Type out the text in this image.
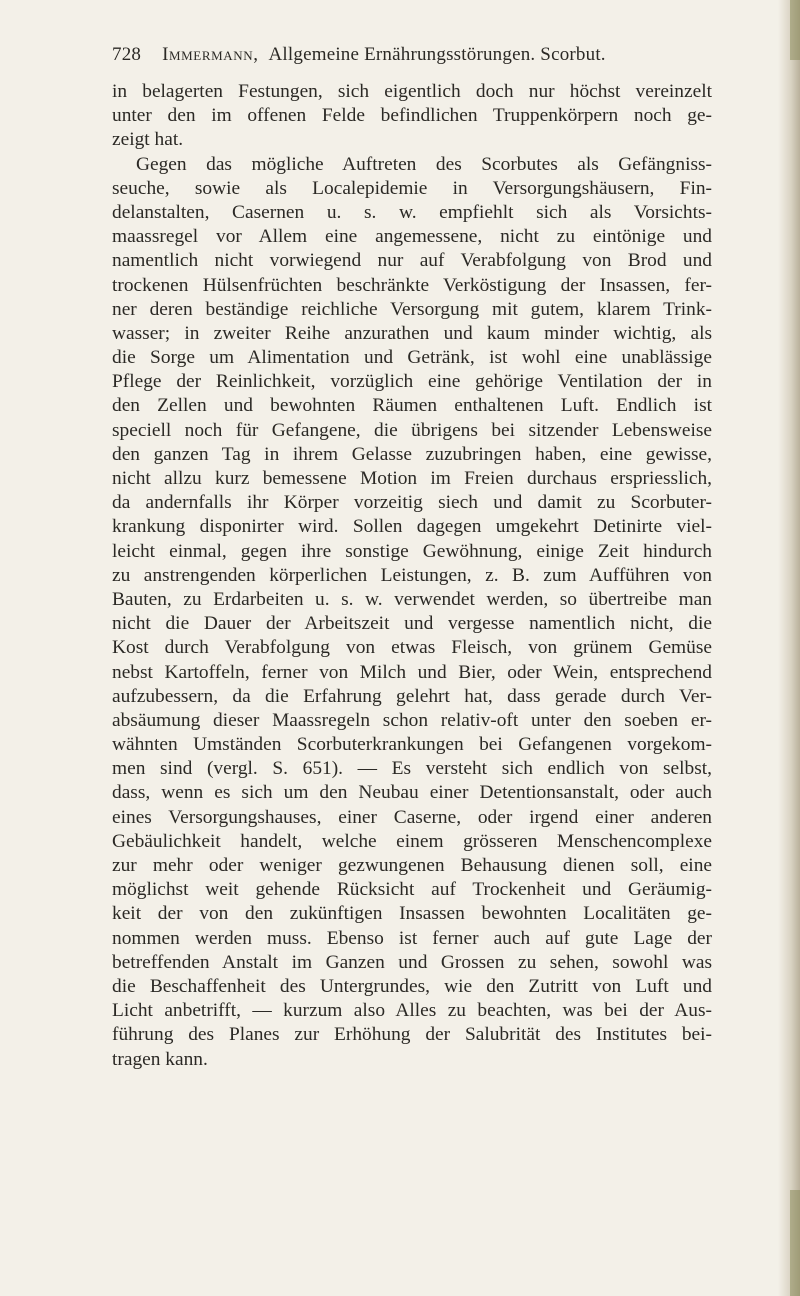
728 Immermann, Allgemeine Ernährungsstörungen. Scorbut.
in belagerten Festungen, sich eigentlich doch nur höchst vereinzelt
unter den im offenen Felde befindlichen Truppenkörpern noch ge-
zeigt hat.
Gegen das mögliche Auftreten des Scorbutes als Gefängniss-
seuche, sowie als Localepidemie in Versorgungshäusern, Fin-
delanstalten, Casernen u. s. w. empfiehlt sich als Vorsichts-
maassregel vor Allem eine angemessene, nicht zu eintönige und
namentlich nicht vorwiegend nur auf Verabfolgung von Brod und
trockenen Hülsenfrüchten beschränkte Verköstigung der Insassen, fer-
ner deren beständige reichliche Versorgung mit gutem, klarem Trink-
wasser; in zweiter Reihe anzurathen und kaum minder wichtig, als
die Sorge um Alimentation und Getränk, ist wohl eine unablässige
Pflege der Reinlichkeit, vorzüglich eine gehörige Ventilation der in
den Zellen und bewohnten Räumen enthaltenen Luft. Endlich ist
speciell noch für Gefangene, die übrigens bei sitzender Lebensweise
den ganzen Tag in ihrem Gelasse zuzubringen haben, eine gewisse,
nicht allzu kurz bemessene Motion im Freien durchaus erspriesslich,
da andernfalls ihr Körper vorzeitig siech und damit zu Scorbuter-
krankung disponirter wird. Sollen dagegen umgekehrt Detinirte viel-
leicht einmal, gegen ihre sonstige Gewöhnung, einige Zeit hindurch
zu anstrengenden körperlichen Leistungen, z. B. zum Aufführen von
Bauten, zu Erdarbeiten u. s. w. verwendet werden, so übertreibe man
nicht die Dauer der Arbeitszeit und vergesse namentlich nicht, die
Kost durch Verabfolgung von etwas Fleisch, von grünem Gemüse
nebst Kartoffeln, ferner von Milch und Bier, oder Wein, entsprechend
aufzubessern, da die Erfahrung gelehrt hat, dass gerade durch Ver-
absäumung dieser Maassregeln schon relativ-oft unter den soeben er-
wähnten Umständen Scorbuterkrankungen bei Gefangenen vorgekom-
men sind (vergl. S. 651). — Es versteht sich endlich von selbst,
dass, wenn es sich um den Neubau einer Detentionsanstalt, oder auch
eines Versorgungshauses, einer Caserne, oder irgend einer anderen
Gebäulichkeit handelt, welche einem grösseren Menschencomplexe
zur mehr oder weniger gezwungenen Behausung dienen soll, eine
möglichst weit gehende Rücksicht auf Trockenheit und Geräumig-
keit der von den zukünftigen Insassen bewohnten Localitäten ge-
nommen werden muss. Ebenso ist ferner auch auf gute Lage der
betreffenden Anstalt im Ganzen und Grossen zu sehen, sowohl was
die Beschaffenheit des Untergrundes, wie den Zutritt von Luft und
Licht anbetrifft, — kurzum also Alles zu beachten, was bei der Aus-
führung des Planes zur Erhöhung der Salubrität des Institutes bei-
tragen kann.
